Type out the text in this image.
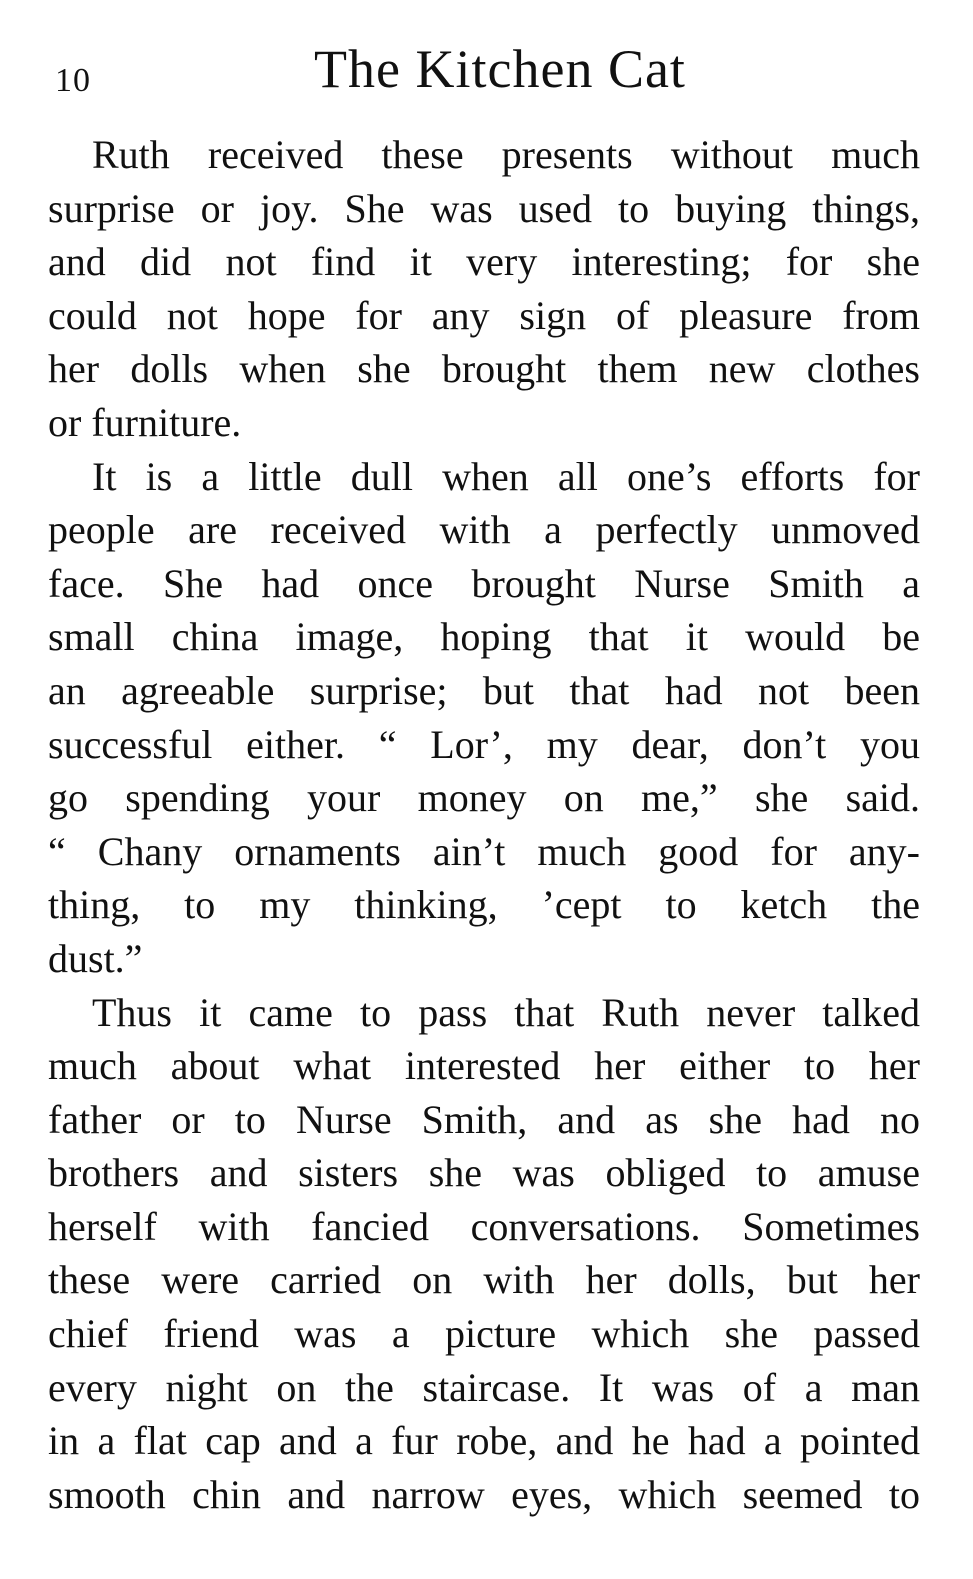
10	The Kitchen Cat
Ruth received these presents without much
surprise or joy. She was used to buying things,
and did not find it very interesting; for she
could not hope for any sign of pleasure from
her dolls when she brought them new clothes
or furniture.
It is a little dull when all one’s efforts for
people are received with a perfectly unmoved
face. She had once brought Nurse Smith a
small china image, hoping that it would be
an agreeable surprise; but that had not been
successful either. “ Lor’, my dear, don’t you
go spending your money on me,” she said.
“ Chany ornaments ain’t much good for any-
thing, to my thinking, ’cept to ketch the
dust.”
Thus it came to pass that Ruth never talked
much about what interested her either to her
father or to Nurse Smith, and as she had no
brothers and sisters she was obliged to amuse
herself with fancied conversations. Sometimes
these were carried on with her dolls, but her
chief friend was a picture which she passed
every night on the staircase. It was of a man
in a flat cap and a fur robe, and he had a pointed
smooth chin and narrow eyes, which seemed to
